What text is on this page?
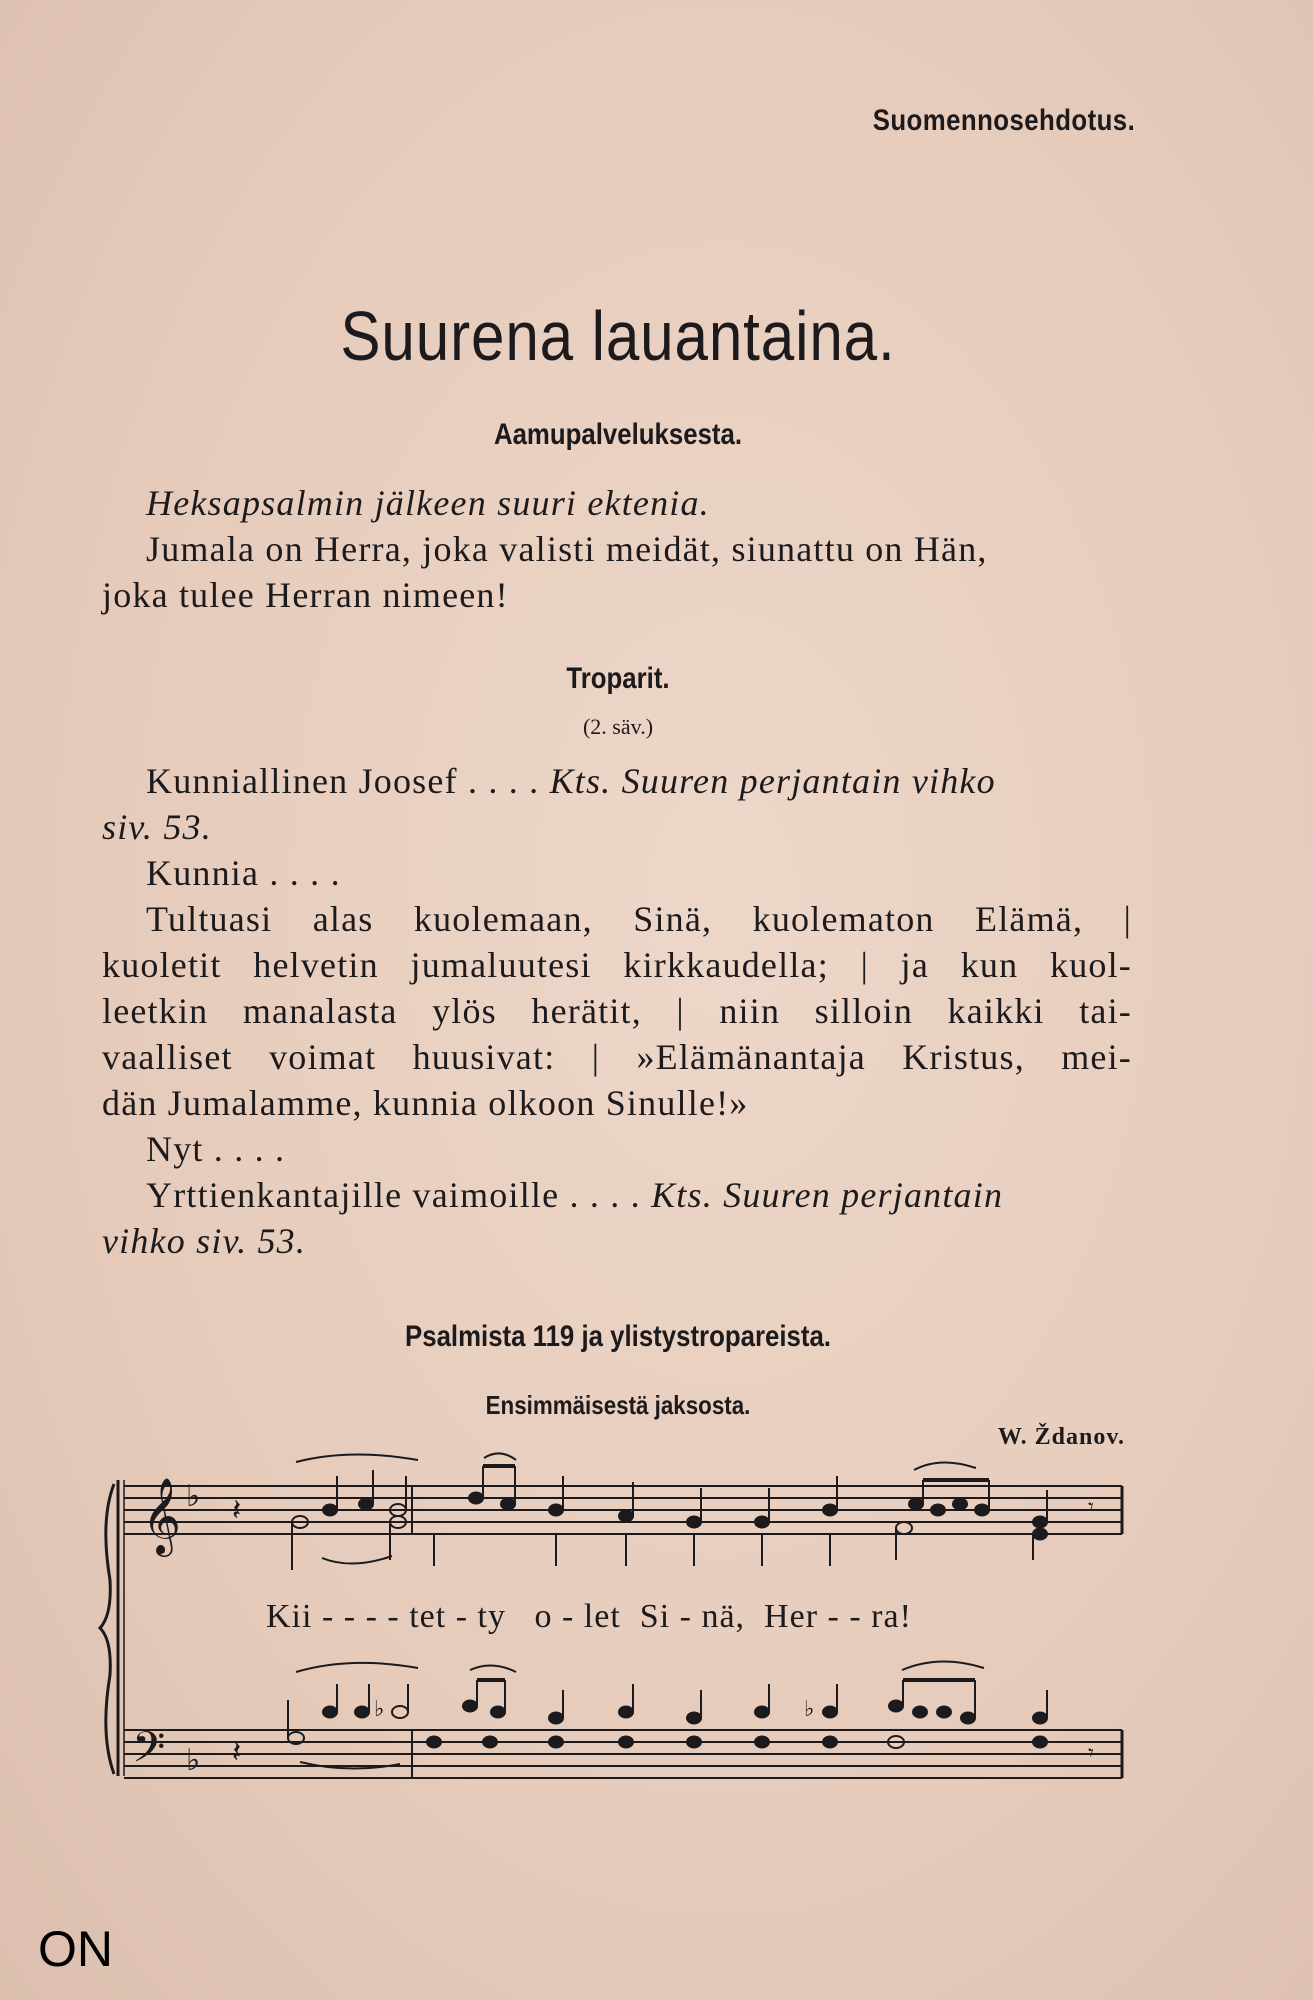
Suomennosehdotus.
Suurena lauantaina.
Aamupalveluksesta.
Heksapsalmin jälkeen suuri ektenia.
Jumala on Herra, joka valisti meidät, siunattu on Hän,
joka tulee Herran nimeen!
Troparit.
(2. säv.)
Kunniallinen Joosef . . . . Kts. Suuren perjantain vihko
siv. 53.
Kunnia . . . .
Tultuasi alas kuolemaan, Sinä, kuolematon Elämä, |
kuoletit helvetin jumaluutesi kirkkaudella; | ja kun kuol-
leetkin manalasta ylös herätit, | niin silloin kaikki tai-
vaalliset voimat huusivat: | »Elämänantaja Kristus, mei-
dän Jumalamme, kunnia olkoon Sinulle!»
Nyt . . . .
Yrttienkantajille vaimoille . . . . Kts. Suuren perjantain
vihko siv. 53.
Psalmista 119 ja ylistystropareista.
Ensimmäisestä jaksosta.
W. Ždanov.
𝄞 ♭
𝄢 ♭
𝄽
𝄽
𝄾
𝄾
♭	♭
Kii - - - - tet - ty   o - let  Si - nä,  Her - - ra!
ON
